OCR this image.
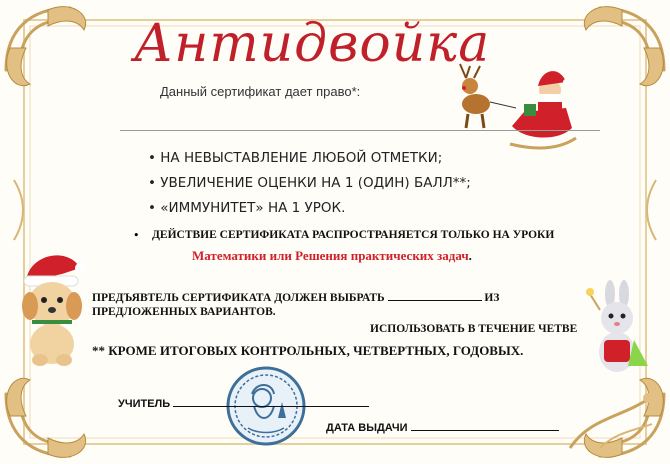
Антидвойка
Данный сертификат дает право*:
• НА НЕВЫСТАВЛЕНИЕ ЛЮБОЙ ОТМЕТКИ;
• УВЕЛИЧЕНИЕ ОЦЕНКИ НА 1 (ОДИН) БАЛЛ**;
• «ИММУНИТЕТ» НА 1 УРОК.
• ДЕЙСТВИЕ СЕРТИФИКАТА РАСПРОСТРАНЯЕТСЯ ТОЛЬКО НА УРОКИ
Математики или Решения практических задач.
ПРЕДЪЯВТЕЛЬ СЕРТИФИКАТА ДОЛЖЕН ВЫБРАТЬ	ИЗ
ПРЕДЛОЖЕННЫХ ВАРИАНТОВ.
ИСПОЛЬЗОВАТЬ В ТЕЧЕНИЕ ЧЕТВЕ
** КРОМЕ ИТОГОВЫХ КОНТРОЛЬНЫХ, ЧЕТВЕРТНЫХ, ГОДОВЫХ.
УЧИТЕЛЬ
ДАТА ВЫДАЧИ
